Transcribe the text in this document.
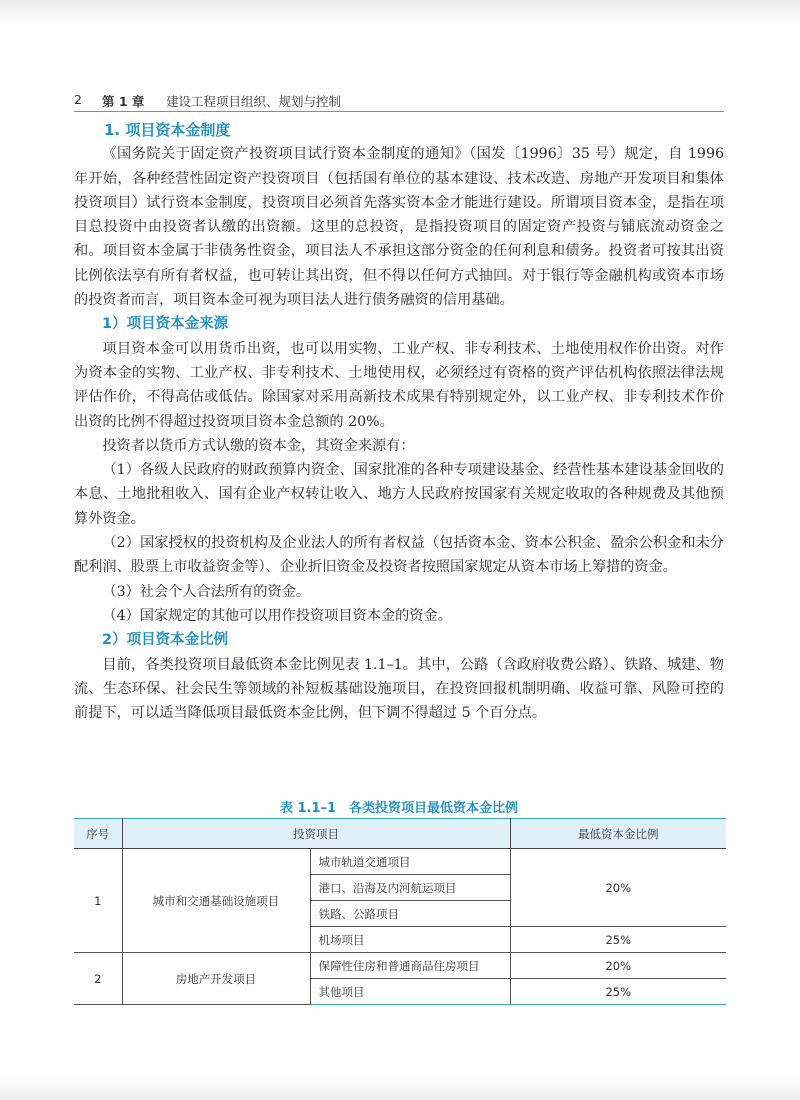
2 第 1 章 建设工程项目组织、规划与控制
1. 项目资本金制度

《国务院关于固定资产投资项目试行资本金制度的通知》（国发〔1996〕35 号）规定，自 1996 年开始，各种经营性固定资产投资项目（包括国有单位的基本建设、技术改造、房地产开发项目和集体投资项目）试行资本金制度，投资项目必须首先落实资本金才能进行建设。所谓项目资本金，是指在项目总投资中由投资者认缴的出资额。这里的总投资，是指投资项目的固定资产投资与铺底流动资金之和。项目资本金属于非债务性资金，项目法人不承担这部分资金的任何利息和债务。投资者可按其出资比例依法享有所有者权益，也可转让其出资，但不得以任何方式抽回。对于银行等金融机构或资本市场的投资者而言，项目资本金可视为项目法人进行债务融资的信用基础。

1）项目资本金来源

项目资本金可以用货币出资，也可以用实物、工业产权、非专利技术、土地使用权作价出资。对作为资本金的实物、工业产权、非专利技术、土地使用权，必须经过有资格的资产评估机构依照法律法规评估作价，不得高估或低估。除国家对采用高新技术成果有特别规定外，以工业产权、非专利技术作价出资的比例不得超过投资项目资本金总额的 20%。

投资者以货币方式认缴的资本金，其资金来源有：

（1）各级人民政府的财政预算内资金、国家批准的各种专项建设基金、经营性基本建设基金回收的本息、土地批租收入、国有企业产权转让收入、地方人民政府按国家有关规定收取的各种规费及其他预算外资金。

（2）国家授权的投资机构及企业法人的所有者权益（包括资本金、资本公积金、盈余公积金和未分配利润、股票上市收益资金等）、企业折旧资金及投资者按照国家规定从资本市场上筹措的资金。

（3）社会个人合法所有的资金。

（4）国家规定的其他可以用作投资项目资本金的资金。

2）项目资本金比例

目前，各类投资项目最低资本金比例见表 1.1–1。其中，公路（含政府收费公路）、铁路、城建、物流、生态环保、社会民生等领域的补短板基础设施项目，在投资回报机制明确、收益可靠、风险可控的前提下，可以适当降低项目最低资本金比例，但下调不得超过 5 个百分点。

表 1.1–1　各类投资项目最低资本金比例
序号	投资项目		最低资本金比例
1	城市和交通基础设施项目	城市轨道交通项目	20%
		港口、沿海及内河航运项目	
		铁路、公路项目	
		机场项目	25%
2	房地产开发项目	保障性住房和普通商品住房项目	20%
		其他项目	25%
